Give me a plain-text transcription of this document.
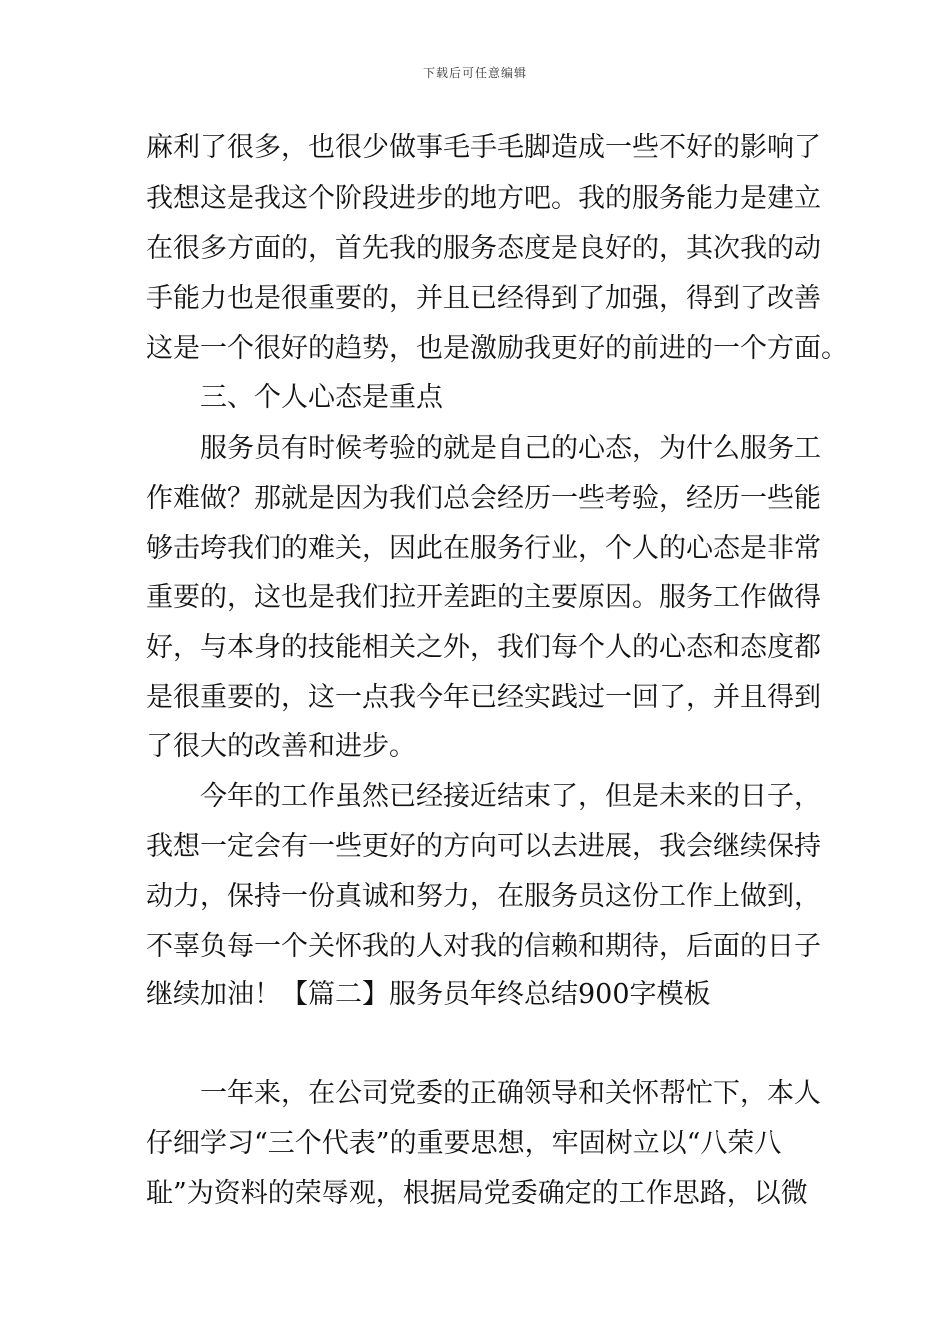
下载后可任意编辑
麻利了很多，也很少做事毛手毛脚造成一些不好的影响了
我想这是我这个阶段进步的地方吧。我的服务能力是建立
在很多方面的，首先我的服务态度是良好的，其次我的动
手能力也是很重要的，并且已经得到了加强，得到了改善
这是一个很好的趋势，也是激励我更好的前进的一个方面。
三、个人心态是重点
服务员有时候考验的就是自己的心态，为什么服务工
作难做？那就是因为我们总会经历一些考验，经历一些能
够击垮我们的难关，因此在服务行业，个人的心态是非常
重要的，这也是我们拉开差距的主要原因。服务工作做得
好，与本身的技能相关之外，我们每个人的心态和态度都
是很重要的，这一点我今年已经实践过一回了，并且得到
了很大的改善和进步。
今年的工作虽然已经接近结束了，但是未来的日子，
我想一定会有一些更好的方向可以去进展，我会继续保持
动力，保持一份真诚和努力，在服务员这份工作上做到，
不辜负每一个关怀我的人对我的信赖和期待，后面的日子
继续加油！【篇二】服务员年终总结900字模板
一年来，在公司党委的正确领导和关怀帮忙下，本人
仔细学习“三个代表”的重要思想，牢固树立以“八荣八
耻”为资料的荣辱观，根据局党委确定的工作思路，以微
